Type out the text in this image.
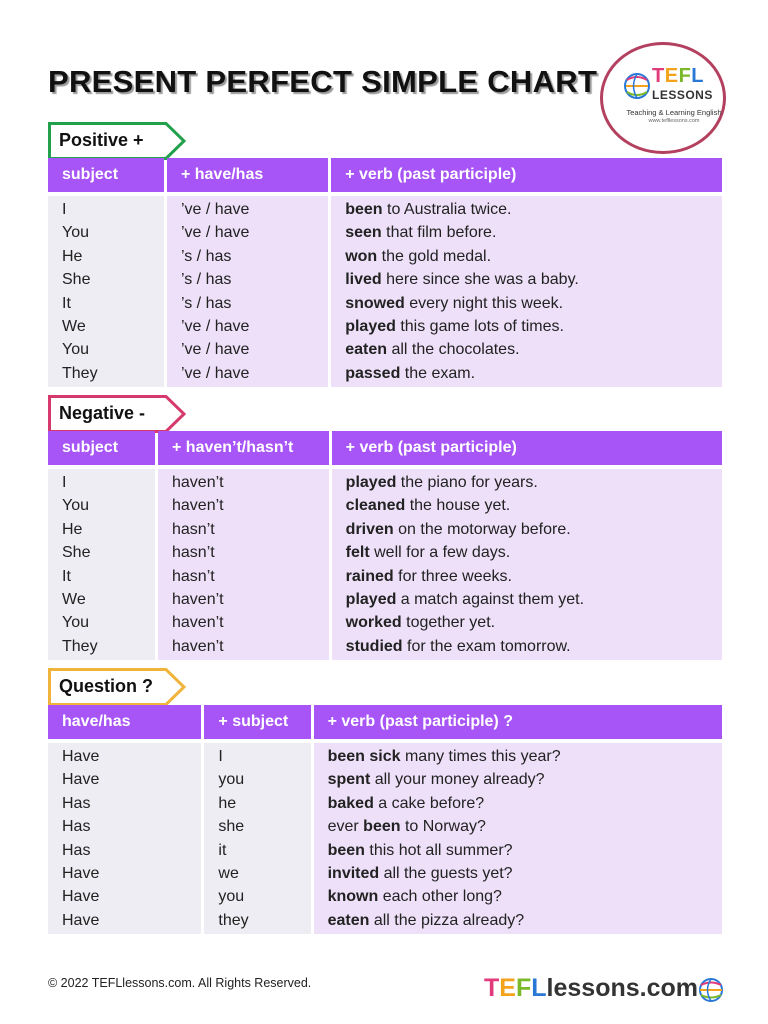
PRESENT PERFECT SIMPLE CHART	TEFL
LESSONS
Teaching & Learning English
www.tefllessons.com
Positive +
subject	+ have/has	+ verb (past participle)
I	’ve / have	been to Australia twice.
You	’ve / have	seen that film before.
He	’s / has	won the gold medal.
She	’s / has	lived here since she was a baby.
It	’s / has	snowed every night this week.
We	’ve / have	played this game lots of times.
You	’ve / have	eaten all the chocolates.
They	’ve / have	passed the exam.
Negative -
subject	+ haven’t/hasn’t	+ verb (past participle)
I	haven’t	played the piano for years.
You	haven’t	cleaned the house yet.
He	hasn’t	driven on the motorway before.
She	hasn’t	felt well for a few days.
It	hasn’t	rained for three weeks.
We	haven’t	played a match against them yet.
You	haven’t	worked together yet.
They	haven’t	studied for the exam tomorrow.
Question ?
have/has	+ subject	+ verb (past participle) ?
Have	I	been sick many times this year?
Have	you	spent all your money already?
Has	he	baked a cake before?
Has	she	ever been to Norway?
Has	it	been this hot all summer?
Have	we	invited all the guests yet?
Have	you	known each other long?
Have	they	eaten all the pizza already?
© 2022 TEFLlessons.com. All Rights Reserved.	TEFLlessons.com
